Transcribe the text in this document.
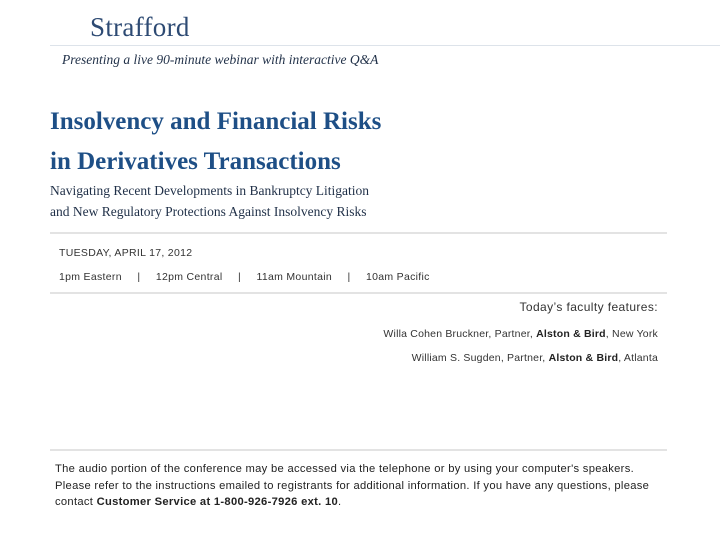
Strafford
Presenting a live 90-minute webinar with interactive Q&A
Insolvency and Financial Risks
in Derivatives Transactions
Navigating Recent Developments in Bankruptcy Litigation
and New Regulatory Protections Against Insolvency Risks
TUESDAY, APRIL 17, 2012
1pm Eastern | 12pm Central | 11am Mountain | 10am Pacific
Today’s faculty features:
Willa Cohen Bruckner, Partner, Alston & Bird, New York
William S. Sugden, Partner, Alston & Bird, Atlanta
The audio portion of the conference may be accessed via the telephone or by using your computer's speakers. Please refer to the instructions emailed to registrants for additional information. If you have any questions, please contact Customer Service at 1-800-926-7926 ext. 10.
